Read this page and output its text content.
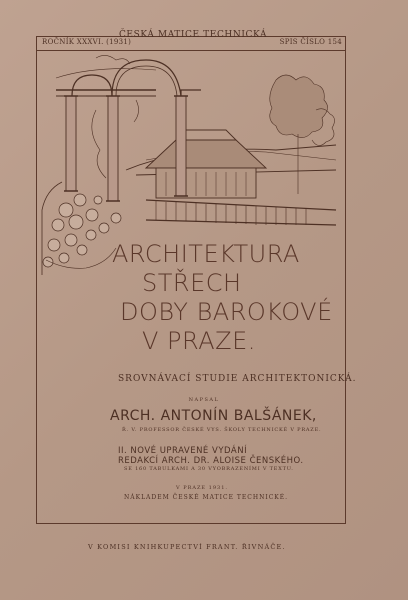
ROČNÍK XXXVI. (1931)
ČESKÁ MATICE TECHNICKÁ
SPIS ČÍSLO 154
ARCHITEKTURA
STŘECH
DOBY BAROKOVÉ
V PRAZE.
SROVNÁVACÍ STUDIE ARCHITEKTONICKÁ.
NAPSAL
ARCH. ANTONÍN BALŠÁNEK,
Ř. V. PROFESSOR ČESKÉ VYS. ŠKOLY TECHNICKÉ V PRAZE.
II. NOVÉ UPRAVENÉ VYDÁNÍ
REDAKCÍ ARCH. DR. ALOISE ČENSKÉHO.
SE 160 TABULKAMI A 30 VYOBRAZENÍMI V TEXTU.
V PRAZE 1931.
NÁKLADEM ČESKÉ MATICE TECHNICKÉ.
V KOMISI KNIHKUPECTVÍ FRANT. ŘIVNÁČE.
